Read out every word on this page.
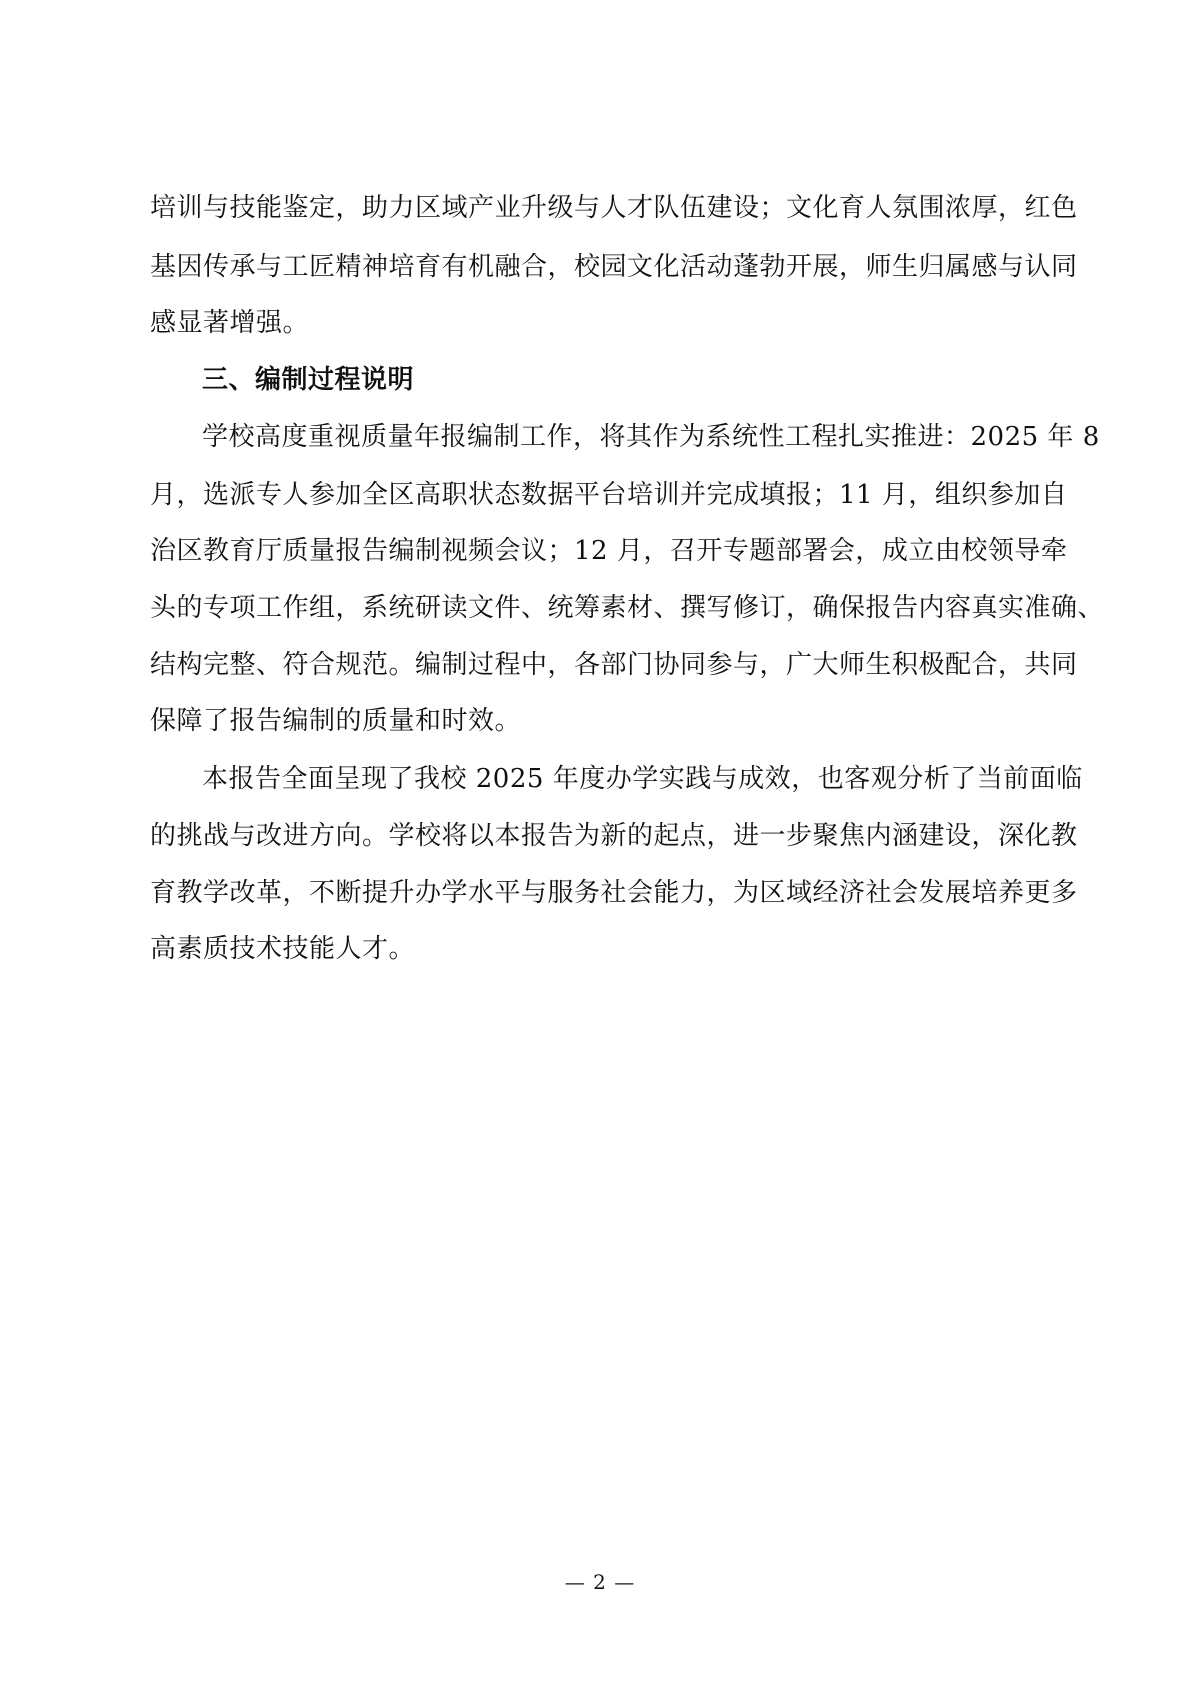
培训与技能鉴定，助力区域产业升级与人才队伍建设；文化育人氛围浓厚，红色
基因传承与工匠精神培育有机融合，校园文化活动蓬勃开展，师生归属感与认同
感显著增强。
三、编制过程说明
学校高度重视质量年报编制工作，将其作为系统性工程扎实推进：2025 年 8
月，选派专人参加全区高职状态数据平台培训并完成填报；11 月，组织参加自
治区教育厅质量报告编制视频会议；12 月，召开专题部署会，成立由校领导牵
头的专项工作组，系统研读文件、统筹素材、撰写修订，确保报告内容真实准确、
结构完整、符合规范。编制过程中，各部门协同参与，广大师生积极配合，共同
保障了报告编制的质量和时效。
本报告全面呈现了我校 2025 年度办学实践与成效，也客观分析了当前面临
的挑战与改进方向。学校将以本报告为新的起点，进一步聚焦内涵建设，深化教
育教学改革，不断提升办学水平与服务社会能力，为区域经济社会发展培养更多
高素质技术技能人才。
— 2 —
